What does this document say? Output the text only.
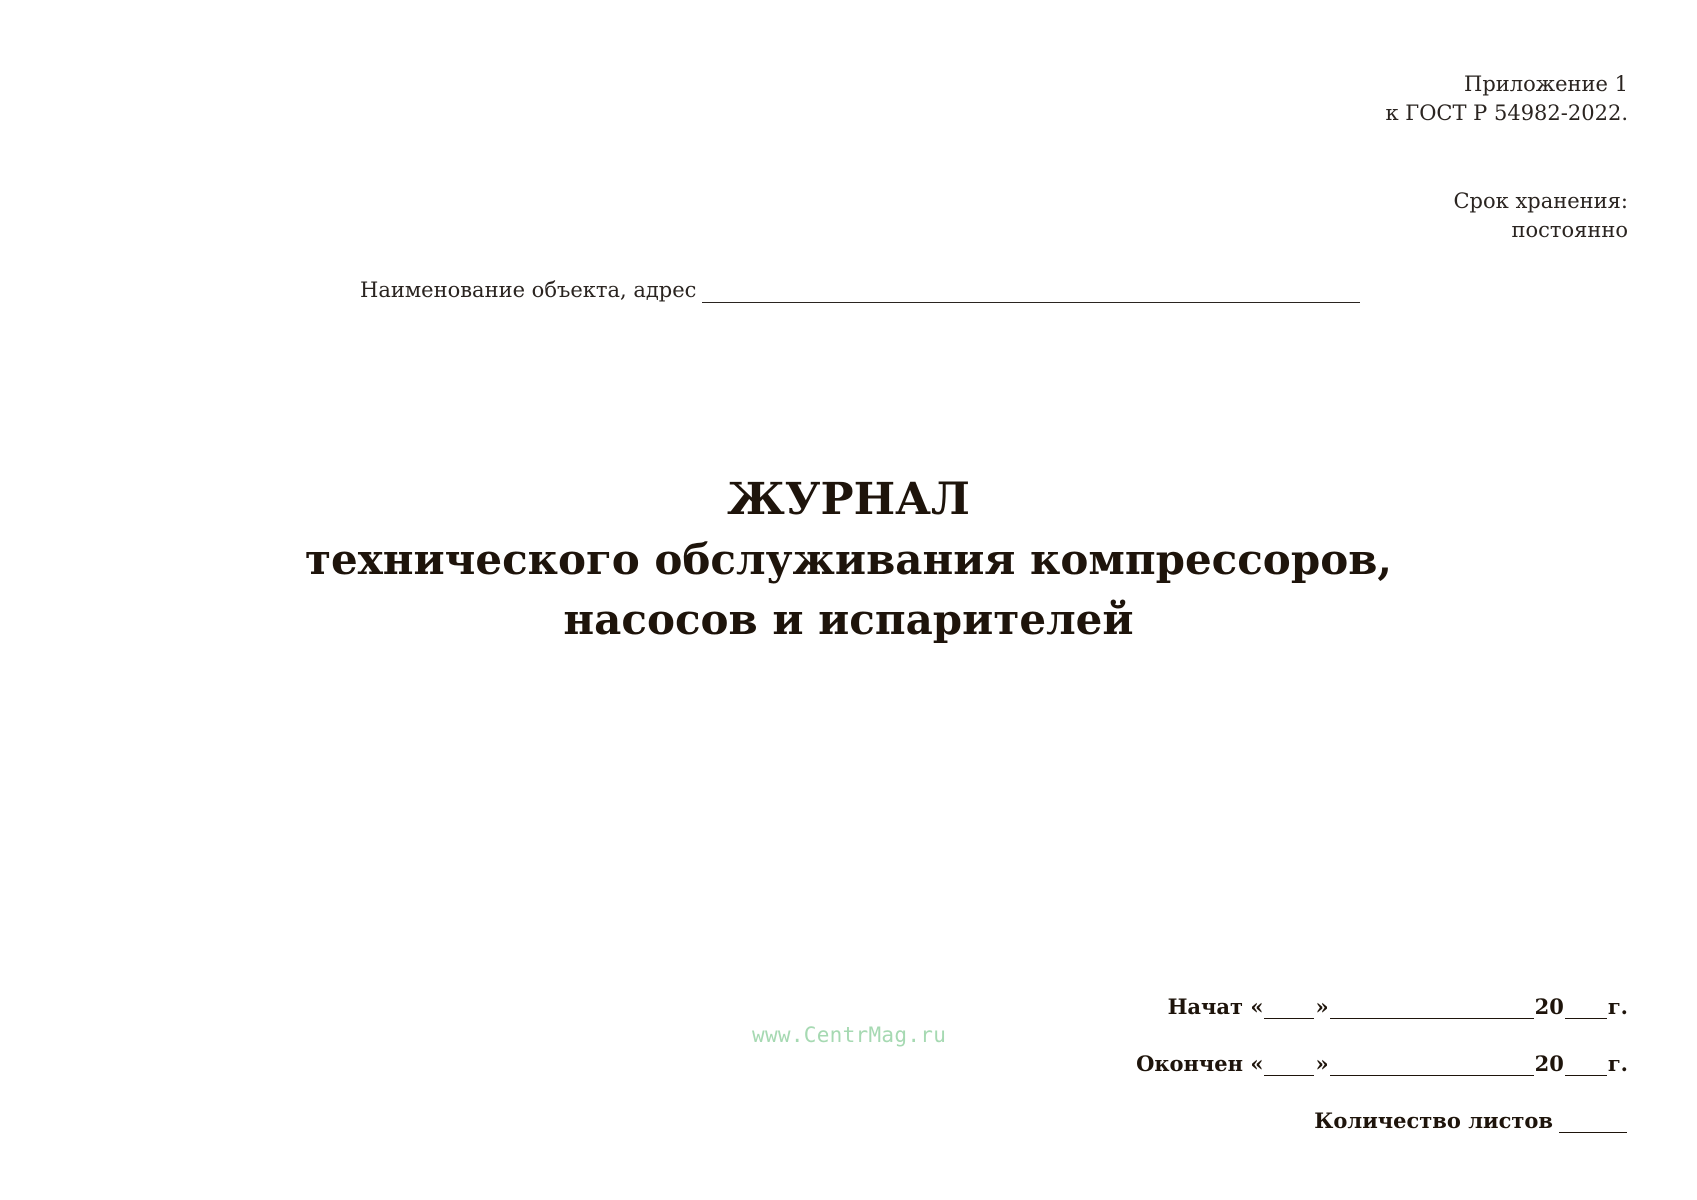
Приложение 1
к ГОСТ Р 54982-2022.
Срок хранения:
постоянно
Наименование объекта, адрес
ЖУРНАЛ
технического обслуживания компрессоров,
насосов и испарителей
www.CentrMag.ru
Начат « »	20 г.
Окончен « »	20 г.
Количество листов
